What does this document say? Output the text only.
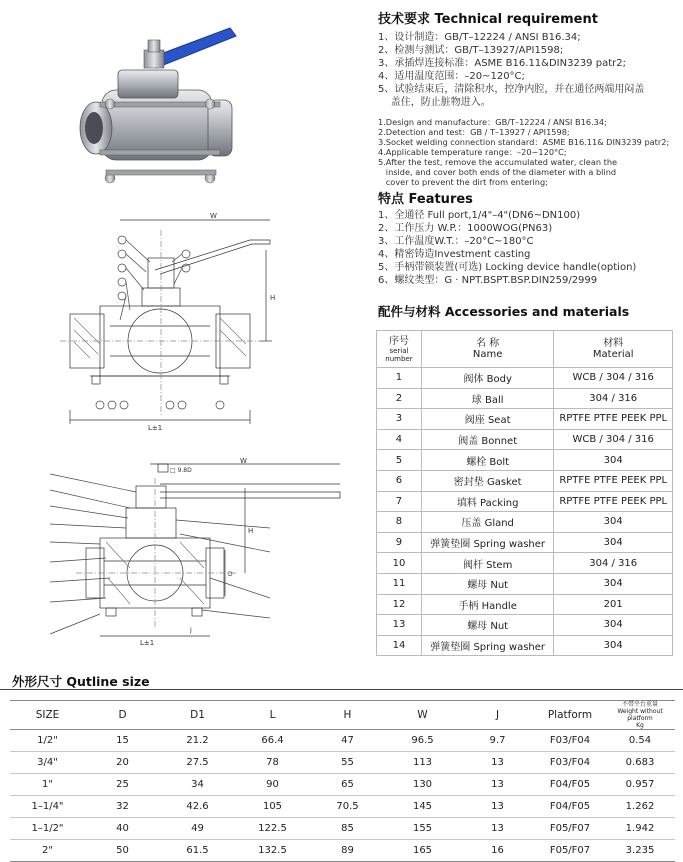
W
L±1
H
W
□ 9.8D
L±1
H
D
J
技术要求 Technical requirement
1、设计制造：GB/T–12224 / ANSI B16.34;
2、检测与测试：GB/T–13927/API1598;
3、承插焊连接标准：ASME B16.11&DIN3239 patr2;
4、适用温度范围：–20~120°C;
5、试验结束后，清除积水，控净内腔，并在通径两端用闷盖
盖住，防止脏物进入。
1.Design and manufacture：GB/T–12224 / ANSI B16.34;
2.Detection and test：GB / T–13927 / API1598;
3.Socket welding connection standard：ASME B16.11& DIN3239 patr2;
4.Applicable temperature range：–20~120°C;
5.After the test, remove the accumulated water, clean the
inside, and cover both ends of the diameter with a blind
cover to prevent the dirt from entering;
特点 Features
1、全通径 Full port,1/4"–4"(DN6~DN100)
2、工作压力 W.P.：1000WOG(PN63)
3、工作温度W.T.：–20°C~180°C
4、精密铸造Investment casting
5、手柄带锁装置(可选) Locking device handle(option)
6、螺纹类型：G · NPT.BSPT.BSP.DIN259/2999
配件与材料 Accessories and materials
序号
serial
number	名 称
Name	材料
Material
1	阀体 Body	WCB / 304 / 316
2	球 Ball	304 / 316
3	阀座 Seat	RPTFE PTFE PEEK PPL
4	阀盖 Bonnet	WCB / 304 / 316
5	螺栓 Bolt	304
6	密封垫 Gasket	RPTFE PTFE PEEK PPL
7	填料 Packing	RPTFE PTFE PEEK PPL
8	压盖 Gland	304
9	弹簧垫圈 Spring washer	304
10	阀杆 Stem	304 / 316
11	螺母 Nut	304
12	手柄 Handle	201
13	螺母 Nut	304
14	弹簧垫圈 Spring washer	304
外形尺寸 Qutline size
SIZE	D	D1	L	H	W	J	Platform	不带平台重量
Weight without platform
Kg

1/2"	15	21.2	66.4	47	96.5	9.7	F03/F04	0.54
3/4"	20	27.5	78	55	113	13	F03/F04	0.683
1"	25	34	90	65	130	13	F04/F05	0.957
1–1/4"	32	42.6	105	70.5	145	13	F04/F05	1.262
1–1/2"	40	49	122.5	85	155	13	F05/F07	1.942
2"	50	61.5	132.5	89	165	16	F05/F07	3.235
